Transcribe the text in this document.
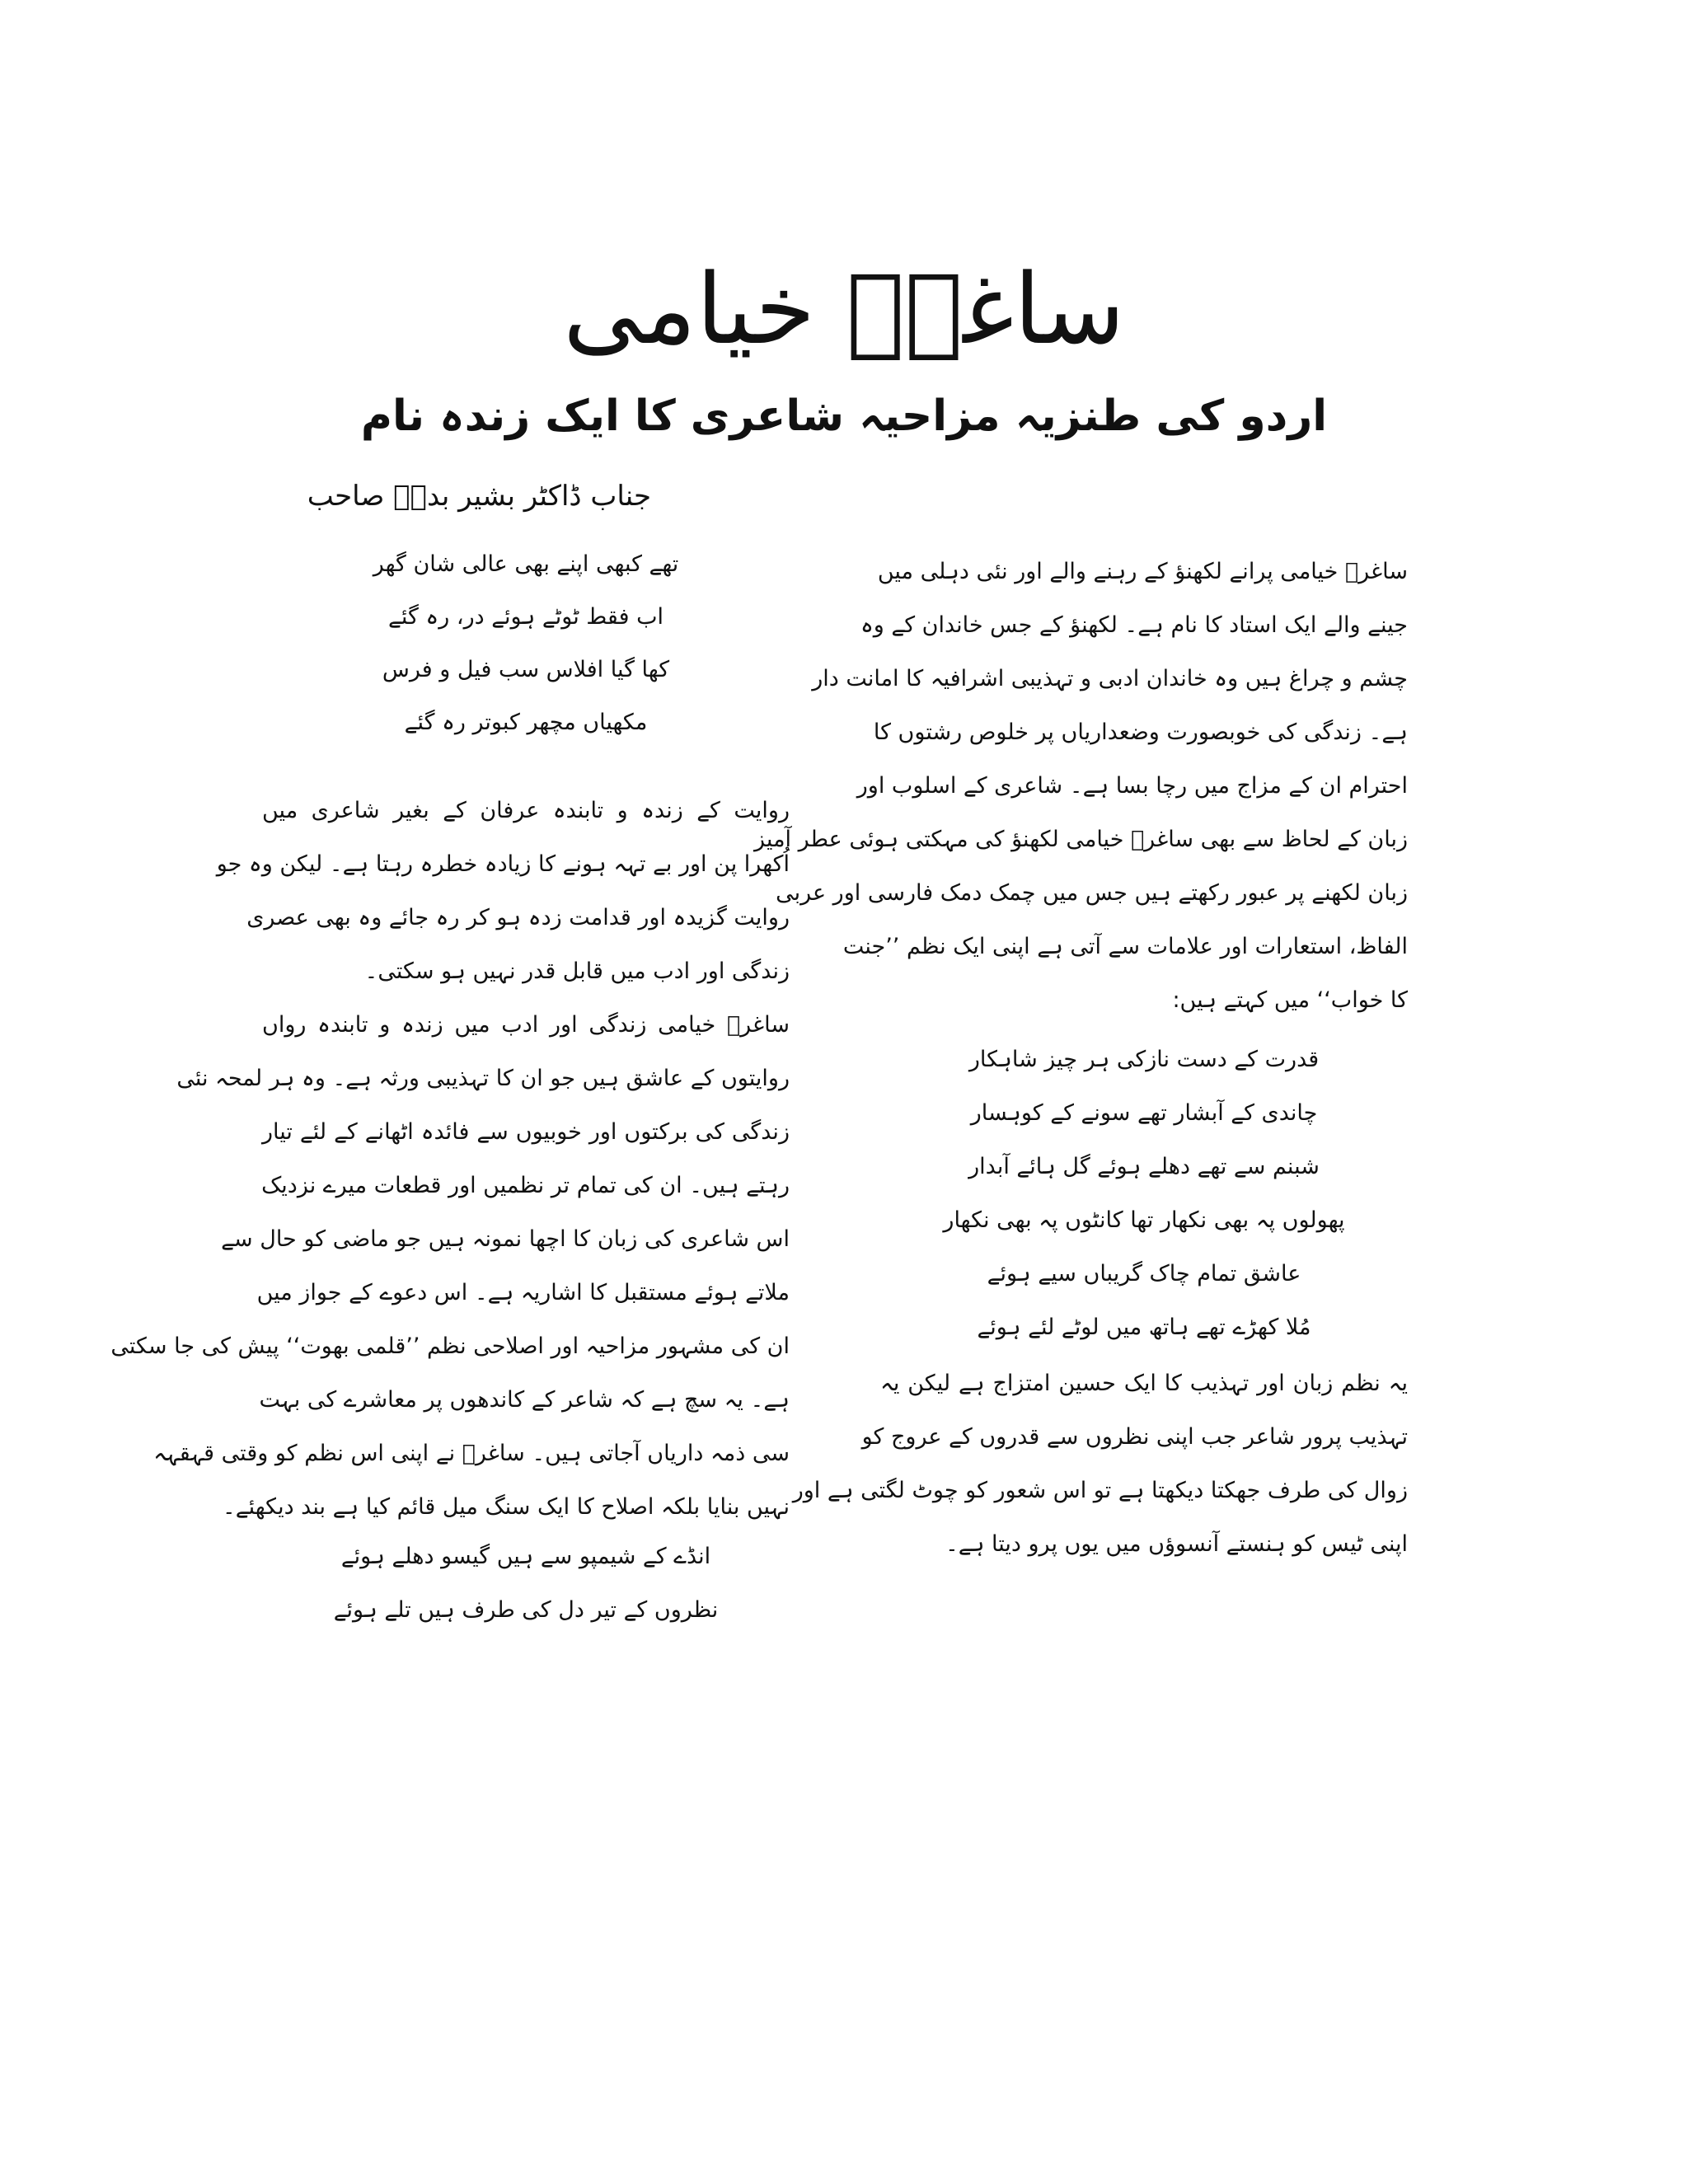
ساغرؔ خیامی
اردو کی طنزیہ مزاحیہ شاعری کا ایک زندہ نام
جناب ڈاکٹر بشیر بدرؔ صاحب
ساغرؔ خیامی پرانے لکھنؤ کے رہنے والے اور نئی دہلی میں
جینے والے ایک استاد کا نام ہے۔ لکھنؤ کے جس خاندان کے وہ
چشم و چراغ ہیں وہ خاندان ادبی و تہذیبی اشرافیہ کا امانت دار
ہے۔ زندگی کی خوبصورت وضعداریاں پر خلوص رشتوں کا
احترام ان کے مزاج میں رچا بسا ہے۔ شاعری کے اسلوب اور
زبان کے لحاظ سے بھی ساغرؔ خیامی لکھنؤ کی مہکتی ہوئی عطر آمیز
زبان لکھنے پر عبور رکھتے ہیں جس میں چمک دمک فارسی اور عربی
الفاظ، استعارات اور علامات سے آتی ہے اپنی ایک نظم ’’جنت
کا خواب‘‘ میں کہتے ہیں:
قدرت کے دست نازکی ہر چیز شاہکار
چاندی کے آبشار تھے سونے کے کوہسار
شبنم سے تھے دھلے ہوئے گل ہائے آبدار
پھولوں پہ بھی نکھار تھا کانٹوں پہ بھی نکھار
عاشق تمام چاک گریباں سیے ہوئے
مُلا کھڑے تھے ہاتھ میں لوٹے لئے ہوئے
یہ نظم زبان اور تہذیب کا ایک حسین امتزاج ہے لیکن یہ
تہذیب پرور شاعر جب اپنی نظروں سے قدروں کے عروج کو
زوال کی طرف جھکتا دیکھتا ہے تو اس شعور کو چوٹ لگتی ہے اور
اپنی ٹیس کو ہنستے آنسوؤں میں یوں پرو دیتا ہے۔
تھے کبھی اپنے بھی عالی شان گھر
اب فقط ٹوٹے ہوئے در، رہ گئے
کھا گیا افلاس سب فیل و فرس
مکھیاں مچھر کبوتر رہ گئے
روایت کے زندہ و تابندہ عرفان کے بغیر شاعری میں
اُکھرا پن اور بے تہہ ہونے کا زیادہ خطرہ رہتا ہے۔ لیکن وہ جو
روایت گزیدہ اور قدامت زدہ ہو کر رہ جائے وہ بھی عصری
زندگی اور ادب میں قابل قدر نہیں ہو سکتی۔
ساغرؔ خیامی زندگی اور ادب میں زندہ و تابندہ رواں
روایتوں کے عاشق ہیں جو ان کا تہذیبی ورثہ ہے۔ وہ ہر لمحہ نئی
زندگی کی برکتوں اور خوبیوں سے فائدہ اٹھانے کے لئے تیار
رہتے ہیں۔ ان کی تمام تر نظمیں اور قطعات میرے نزدیک
اس شاعری کی زبان کا اچھا نمونہ ہیں جو ماضی کو حال سے
ملاتے ہوئے مستقبل کا اشاریہ ہے۔ اس دعوے کے جواز میں
ان کی مشہور مزاحیہ اور اصلاحی نظم ’’قلمی بھوت‘‘ پیش کی جا سکتی
ہے۔ یہ سچ ہے کہ شاعر کے کاندھوں پر معاشرے کی بہت
سی ذمہ داریاں آجاتی ہیں۔ ساغرؔ نے اپنی اس نظم کو وقتی قہقہہ
نہیں بنایا بلکہ اصلاح کا ایک سنگ میل قائم کیا ہے بند دیکھئے۔
انڈے کے شیمپو سے ہیں گیسو دھلے ہوئے
نظروں کے تیر دل کی طرف ہیں تلے ہوئے
